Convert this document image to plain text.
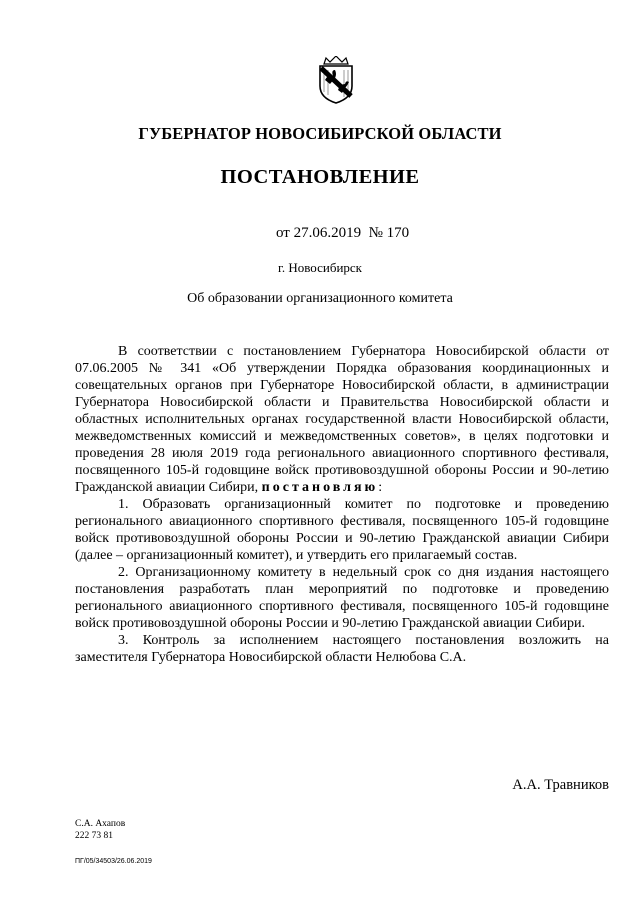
ГУБЕРНАТОР НОВОСИБИРСКОЙ ОБЛАСТИ
ПОСТАНОВЛЕНИЕ
от 27.06.2019  № 170
г. Новосибирск
Об образовании организационного комитета

В соответствии с постановлением Губернатора Новосибирской области от 07.06.2005 № 341 «Об утверждении Порядка образования координационных и совещательных органов при Губернаторе Новосибирской области, в администрации Губернатора Новосибирской области и Правительства Новосибирской области и областных исполнительных органах государственной власти Новосибирской области, межведомственных комиссий и межведомственных советов», в целях подготовки и проведения 28 июля 2019 года регионального авиационного спортивного фестиваля, посвященного 105-й годовщине войск противовоздушной обороны России и 90-летию Гражданской авиации Сибири, постановляю:

1. Образовать организационный комитет по подготовке и проведению регионального авиационного спортивного фестиваля, посвященного 105-й годовщине войск противовоздушной обороны России и 90-летию Гражданской авиации Сибири (далее – организационный комитет), и утвердить его прилагаемый состав.

2. Организационному комитету в недельный срок со дня издания настоящего постановления разработать план мероприятий по подготовке и проведению регионального авиационного спортивного фестиваля, посвященного 105-й годовщине войск противовоздушной обороны России и 90-летию Гражданской авиации Сибири.

3. Контроль за исполнением настоящего постановления возложить на заместителя Губернатора Новосибирской области Нелюбова С.А.

А.А. Травников
С.А. Ахапов
222 73 81
ПГ/05/34503/26.06.2019
